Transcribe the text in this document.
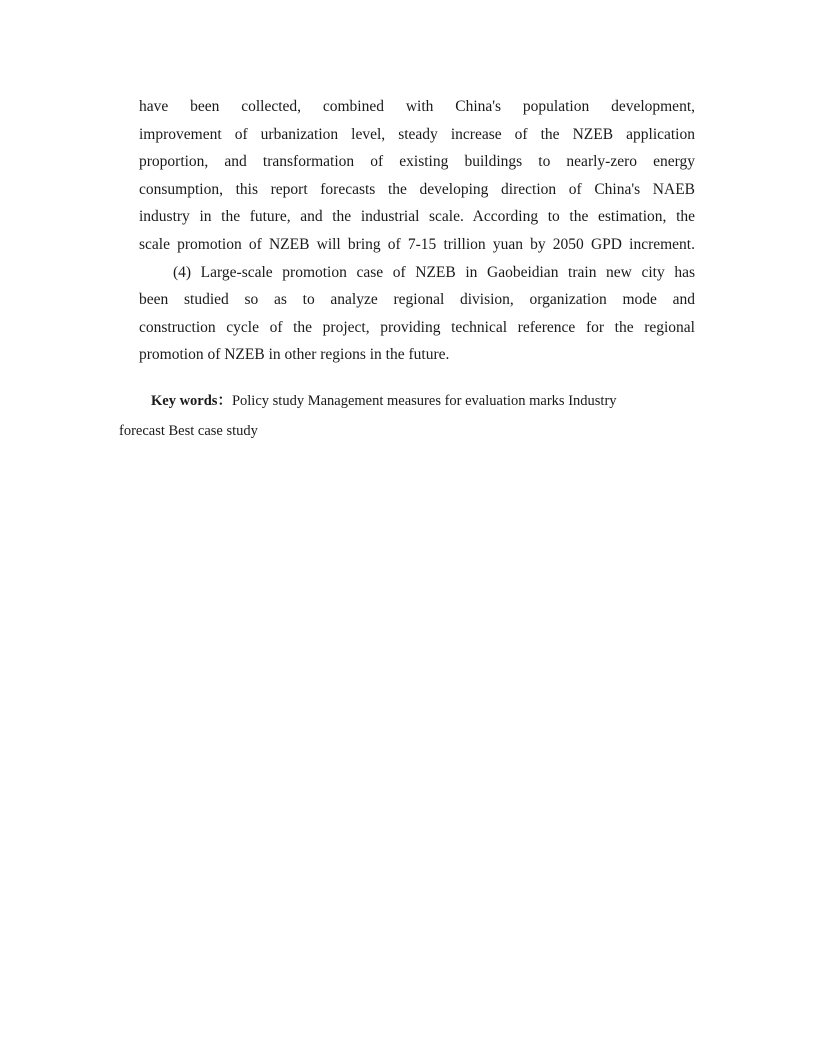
have been collected, combined with China's population development,
improvement of urbanization level, steady increase of the NZEB application
proportion, and transformation of existing buildings to nearly-zero energy
consumption, this report forecasts the developing direction of China's NAEB
industry in the future, and the industrial scale. According to the estimation, the
scale promotion of NZEB will bring of 7-15 trillion yuan by 2050 GPD increment.
(4) Large-scale promotion case of NZEB in Gaobeidian train new city has
been studied so as to analyze regional division, organization mode and
construction cycle of the project, providing technical reference for the regional
promotion of NZEB in other regions in the future.
Key words：Policy study Management measures for evaluation marks Industry
forecast Best case study
